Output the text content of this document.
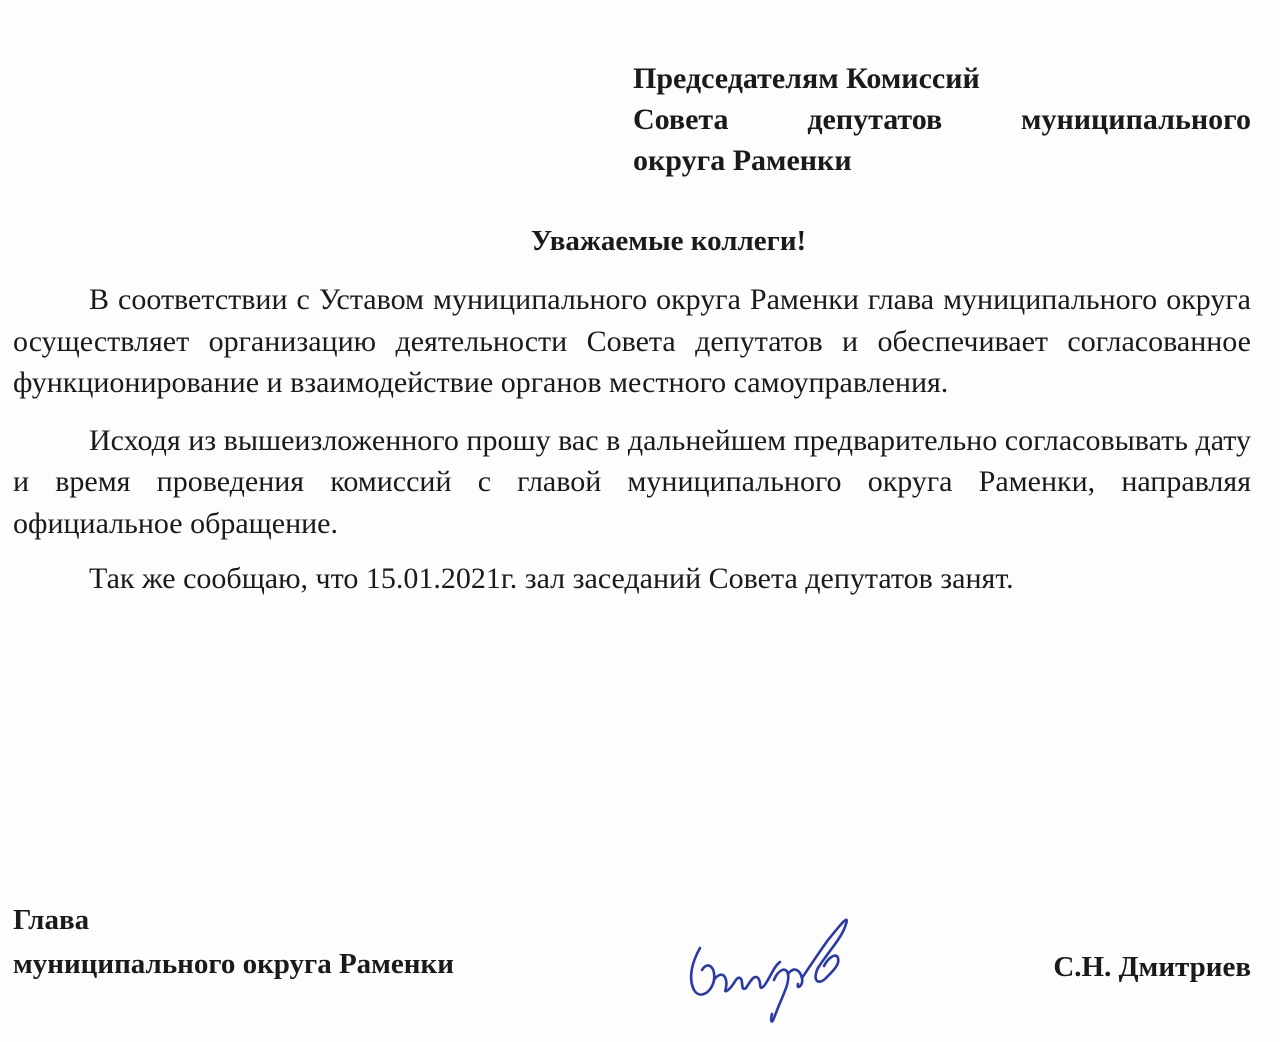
Председателям Комиссий
Совета депутатов муниципального
округа Раменки
Уважаемые коллеги!

В соответствии с Уставом муниципального округа Раменки глава муниципального округа осуществляет организацию деятельности Совета депутатов и обеспечивает согласованное функционирование и взаимодействие органов местного самоуправления.

Исходя из вышеизложенного прошу вас в дальнейшем предварительно согласовывать дату и время проведения комиссий с главой муниципального округа Раменки, направляя официальное обращение.

Так же сообщаю, что 15.01.2021г. зал заседаний Совета депутатов занят.

Глава
муниципального округа Раменки	С.Н. Дмитриев
